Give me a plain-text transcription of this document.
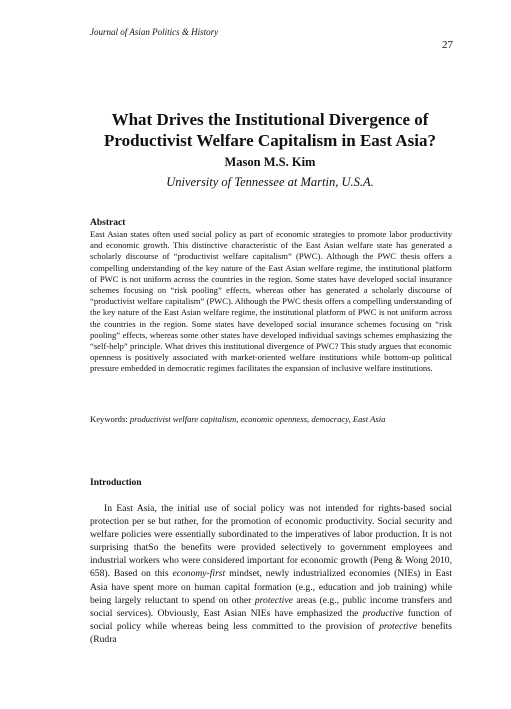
Journal of Asian Politics & History
27
What Drives the Institutional Divergence of
Productivist Welfare Capitalism in East Asia?
Mason M.S. Kim
University of Tennessee at Martin, U.S.A.
Abstract
East Asian states often used social policy as part of economic strategies to promote labor productivity and economic growth. This distinctive characteristic of the East Asian welfare state has generated a scholarly discourse of “productivist welfare capitalism” (PWC). Although the PWC thesis offers a compelling understanding of the key nature of the East Asian welfare regime, the institutional platform of PWC is not uniform across the countries in the region. Some states have developed social insurance schemes focusing on “risk pooling” effects, whereas other has generated a scholarly discourse of “productivist welfare capitalism” (PWC). Although the PWC thesis offers a compelling understanding of the key nature of the East Asian welfare regime, the institutional platform of PWC is not uniform across the countries in the region. Some states have developed social insurance schemes focusing on “risk pooling” effects, whereas some other states have developed individual savings schemes emphasizing the “self-help” principle. What drives this institutional divergence of PWC? This study argues that economic openness is positively associated with market-oriented welfare institutions while bottom-up political pressure embedded in democratic regimes facilitates the expansion of inclusive welfare institutions.
Keywords: productivist welfare capitalism, economic openness, democracy, East Asia
Introduction
In East Asia, the initial use of social policy was not intended for rights-based social protection per se but rather, for the promotion of economic productivity. Social security and welfare policies were essentially subordinated to the imperatives of labor production. It is not surprising thatSo the benefits were provided selectively to government employees and industrial workers who were considered important for economic growth (Peng & Wong 2010, 658). Based on this economy-first mindset, newly industrialized economies (NIEs) in East Asia have spent more on human capital formation (e.g., education and job training) while being largely reluctant to spend on other protective areas (e.g., public income transfers and social services). Obviously, East Asian NIEs have emphasized the productive function of social policy while whereas being less committed to the provision of protective benefits (Rudra
